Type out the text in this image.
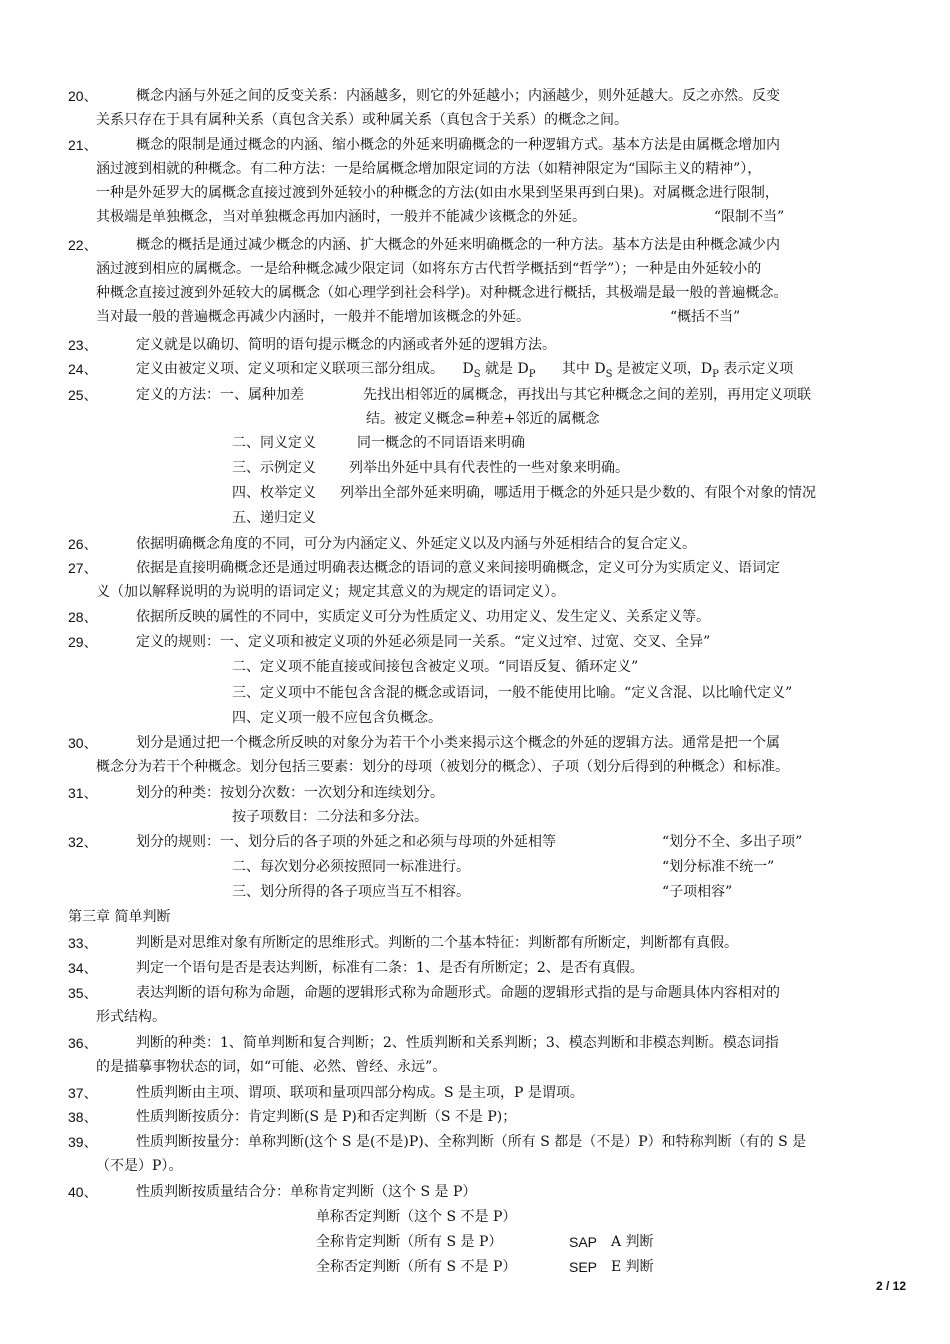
20、	概念内涵与外延之间的反变关系：内涵越多，则它的外延越小；内涵越少，则外延越大。反之亦然。反变
关系只存在于具有属种关系（真包含关系）或种属关系（真包含于关系）的概念之间。
21、	概念的限制是通过概念的内涵、缩小概念的外延来明确概念的一种逻辑方式。基本方法是由属概念增加内
涵过渡到相就的种概念。有二种方法：一是给属概念增加限定词的方法（如精神限定为“国际主义的精神”），
一种是外延罗大的属概念直接过渡到外延较小的种概念的方法(如由水果到坚果再到白果)。对属概念进行限制，
其极端是单独概念，当对单独概念再加内涵时，一般并不能减少该概念的外延。	“限制不当”
22、	概念的概括是通过减少概念的内涵、扩大概念的外延来明确概念的一种方法。基本方法是由种概念减少内
涵过渡到相应的属概念。一是给种概念减少限定词（如将东方古代哲学概括到“哲学”）；一种是由外延较小的
种概念直接过渡到外延较大的属概念（如心理学到社会科学)。对种概念进行概括，其极端是最一般的普遍概念。
当对最一般的普遍概念再减少内涵时，一般并不能增加该概念的外延。	“概括不当”
23、	定义就是以确切、简明的语句提示概念的内涵或者外延的逻辑方法。
24、	定义由被定义项、定义项和定义联项三部分组成。 $D_S$ 就是 $D_P$ 其中 $D_S$ 是被定义项，$D_P$ 表示定义项
25、	定义的方法：一、属种加差	先找出相邻近的属概念，再找出与其它种概念之间的差别，再用定义项联
结。被定义概念=种差+邻近的属概念
二、同义定义	同一概念的不同语语来明确
三、示例定义 列举出外延中具有代表性的一些对象来明确。
四、枚举定义 列举出全部外延来明确，哪适用于概念的外延只是少数的、有限个对象的情况
五、递归定义
26、	依据明确概念角度的不同，可分为内涵定义、外延定义以及内涵与外延相结合的复合定义。
27、	依据是直接明确概念还是通过明确表达概念的语词的意义来间接明确概念，定义可分为实质定义、语词定
义（加以解释说明的为说明的语词定义；规定其意义的为规定的语词定义）。
28、	依据所反映的属性的不同中，实质定义可分为性质定义、功用定义、发生定义、关系定义等。
29、	定义的规则：一、定义项和被定义项的外延必须是同一关系。“定义过窄、过宽、交叉、全异”
二、定义项不能直接或间接包含被定义项。“同语反复、循环定义”
三、定义项中不能包含含混的概念或语词，一般不能使用比喻。“定义含混、以比喻代定义”
四、定义项一般不应包含负概念。
30、	划分是通过把一个概念所反映的对象分为若干个小类来揭示这个概念的外延的逻辑方法。通常是把一个属
概念分为若干个种概念。划分包括三要素：划分的母项（被划分的概念）、子项（划分后得到的种概念）和标准。
31、	划分的种类：按划分次数：一次划分和连续划分。
按子项数目：二分法和多分法。
32、	划分的规则：一、划分后的各子项的外延之和必须与母项的外延相等	“划分不全、多出子项”
二、每次划分必须按照同一标准进行。	“划分标准不统一”
三、划分所得的各子项应当互不相容。	“子项相容”
第三章 简单判断
33、	判断是对思维对象有所断定的思维形式。判断的二个基本特征：判断都有所断定，判断都有真假。
34、	判定一个语句是否是表达判断，标准有二条：1、是否有所断定；2、是否有真假。
35、	表达判断的语句称为命题，命题的逻辑形式称为命题形式。命题的逻辑形式指的是与命题具体内容相对的
形式结构。
36、	判断的种类：1、简单判断和复合判断；2、性质判断和关系判断；3、模态判断和非模态判断。模态词指
的是描摹事物状态的词，如“可能、必然、曾经、永远”。
37、	性质判断由主项、谓项、联项和量项四部分构成。S 是主项，P 是谓项。
38、	性质判断按质分：肯定判断(S 是 P)和否定判断（S 不是 P)；
39、	性质判断按量分：单称判断(这个 S 是(不是)P)、全称判断（所有 S 都是（不是）P）和特称判断（有的 S 是
（不是）P）。
40、	性质判断按质量结合分：单称肯定判断（这个 S 是 P）
单称否定判断（这个 S 不是 P）
全称肯定判断（所有 S 是 P）	SAP A 判断
全称否定判断（所有 S 不是 P）	SEP E 判断
2 / 12
